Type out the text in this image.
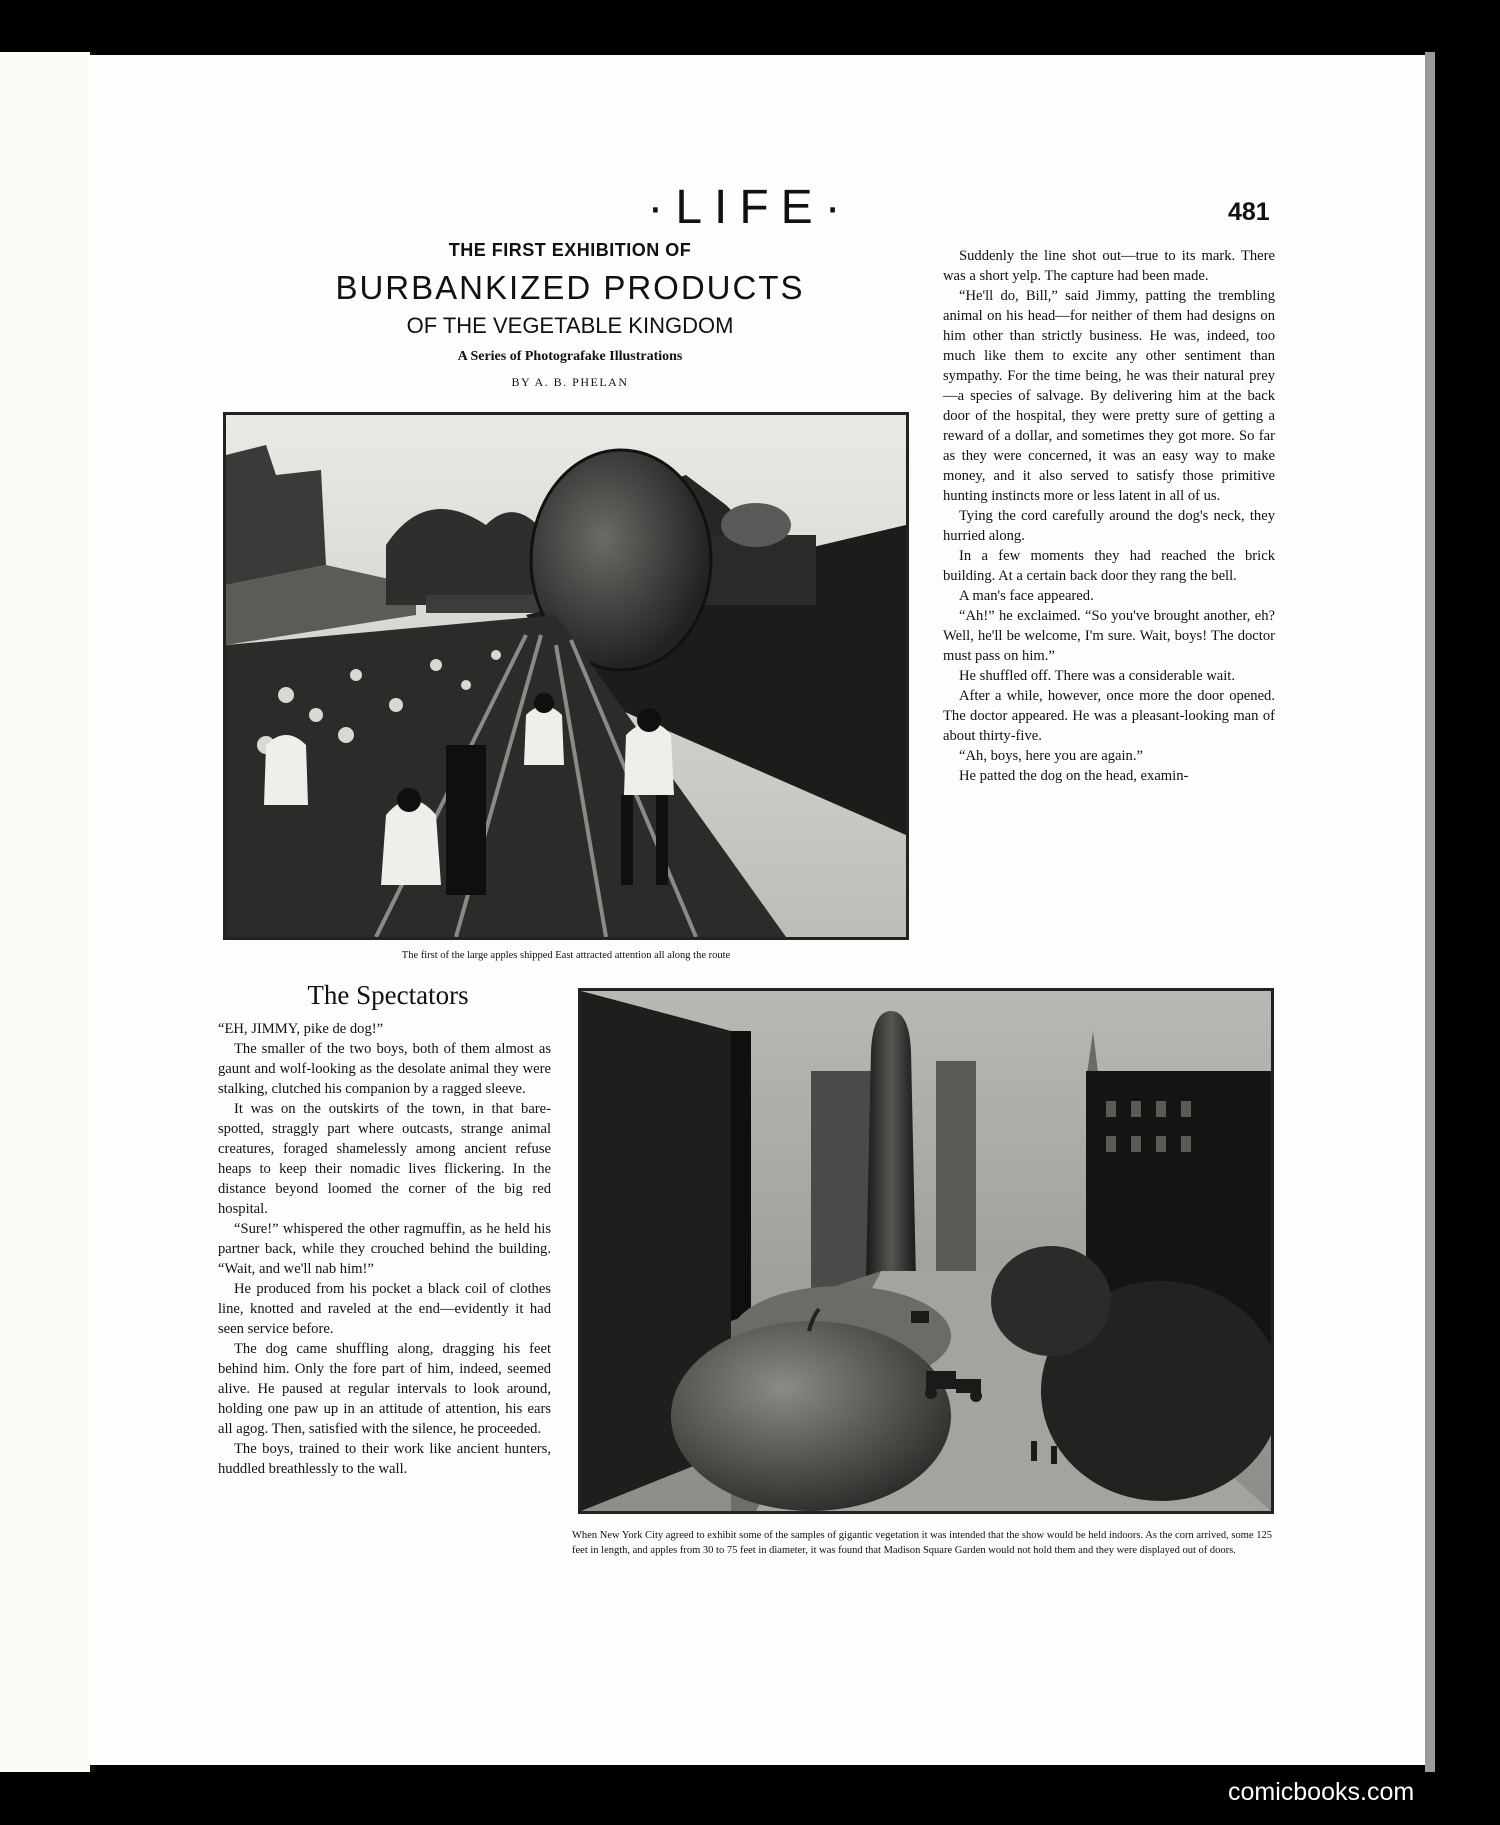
·LIFE·	481
THE FIRST EXHIBITION OF
BURBANKIZED PRODUCTS
OF THE VEGETABLE KINGDOM
A Series of Photografake Illustrations
BY A. B. PHELAN
The first of the large apples shipped East attracted attention all along the route

Suddenly the line shot out—true to its mark. There was a short yelp. The capture had been made.

“He'll do, Bill,” said Jimmy, patting the trembling animal on his head—for neither of them had designs on him other than strictly business. He was, indeed, too much like them to excite any other sentiment than sympathy. For the time being, he was their natural prey—a species of salvage. By delivering him at the back door of the hospital, they were pretty sure of getting a reward of a dollar, and sometimes they got more. So far as they were concerned, it was an easy way to make money, and it also served to satisfy those primitive hunting instincts more or less latent in all of us.

Tying the cord carefully around the dog's neck, they hurried along.

In a few moments they had reached the brick building. At a certain back door they rang the bell.

A man's face appeared.

“Ah!” he exclaimed. “So you've brought another, eh? Well, he'll be welcome, I'm sure. Wait, boys! The doctor must pass on him.”

He shuffled off. There was a considerable wait.

After a while, however, once more the door opened. The doctor appeared. He was a pleasant-looking man of about thirty-five.

“Ah, boys, here you are again.”

He patted the dog on the head, examin-

The Spectators

“EH, JIMMY, pike de dog!”

The smaller of the two boys, both of them almost as gaunt and wolf-looking as the desolate animal they were stalking, clutched his companion by a ragged sleeve.

It was on the outskirts of the town, in that bare-spotted, straggly part where outcasts, strange animal creatures, foraged shamelessly among ancient refuse heaps to keep their nomadic lives flickering. In the distance beyond loomed the corner of the big red hospital.

“Sure!” whispered the other ragmuffin, as he held his partner back, while they crouched behind the building. “Wait, and we'll nab him!”

He produced from his pocket a black coil of clothes line, knotted and raveled at the end—evidently it had seen service before.

The dog came shuffling along, dragging his feet behind him. Only the fore part of him, indeed, seemed alive. He paused at regular intervals to look around, holding one paw up in an attitude of attention, his ears all agog. Then, satisfied with the silence, he proceeded.

The boys, trained to their work like ancient hunters, huddled breathlessly to the wall.

When New York City agreed to exhibit some of the samples of gigantic vegetation it was intended that the show would be held indoors. As the corn arrived, some 125 feet in length, and apples from 30 to 75 feet in diameter, it was found that Madison Square Garden would not hold them and they were displayed out of doors.
comicbooks.com
